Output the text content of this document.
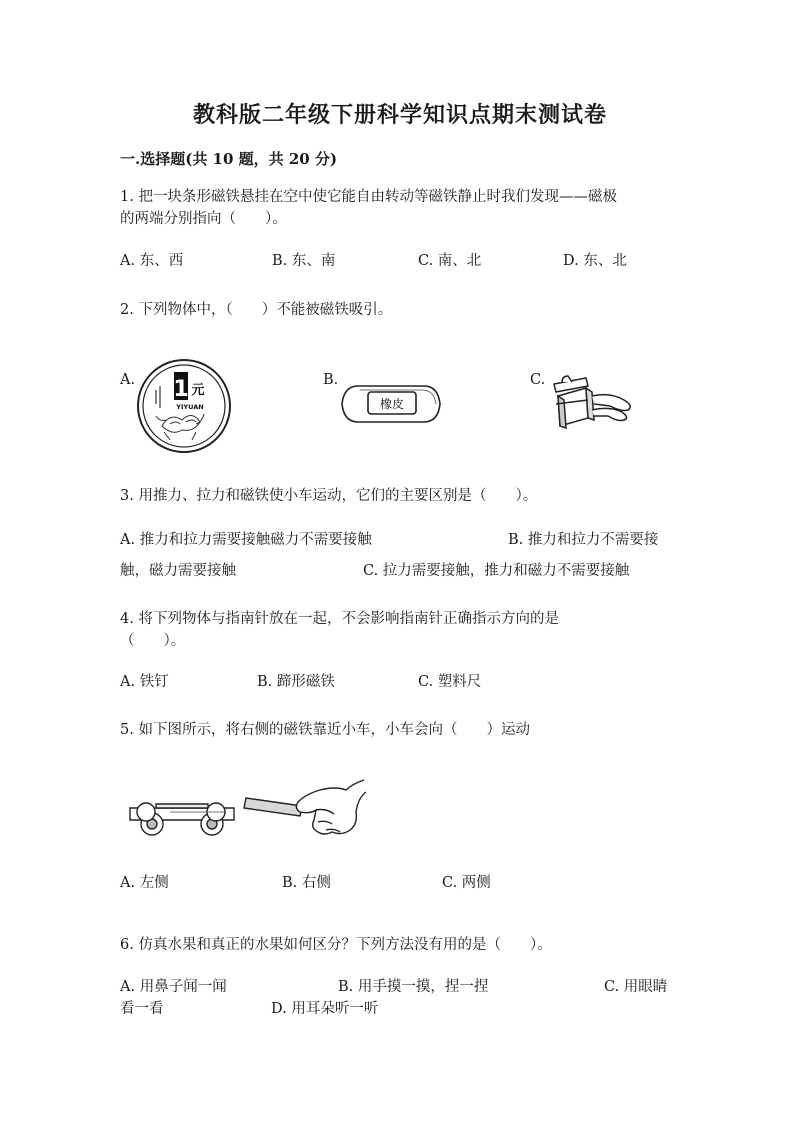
教科版二年级下册科学知识点期末测试卷
一.选择题(共 10 题，共 20 分)
1. 把一块条形磁铁悬挂在空中使它能自由转动等磁铁静止时我们发现——磁极
的两端分别指向（　　）。
A. 东、西	B. 东、南	C. 南、北	D. 东、北
2. 下列物体中，（　　）不能被磁铁吸引。
A.	B.	C.
1 元
YIYUAN	橡皮
3. 用推力、拉力和磁铁使小车运动，它们的主要区别是（　　）。
A. 推力和拉力需要接触磁力不需要接触	B. 推力和拉力不需要接
触，磁力需要接触	C. 拉力需要接触，推力和磁力不需要接触
4. 将下列物体与指南针放在一起，不会影响指南针正确指示方向的是
（　　）。
A. 铁钉	B. 蹄形磁铁	C. 塑料尺
5. 如下图所示，将右侧的磁铁靠近小车，小车会向（　　）运动
A. 左侧	B. 右侧	C. 两侧
6. 仿真水果和真正的水果如何区分？下列方法没有用的是（　　）。
A. 用鼻子闻一闻	B. 用手摸一摸，捏一捏	C. 用眼睛
看一看	D. 用耳朵听一听
